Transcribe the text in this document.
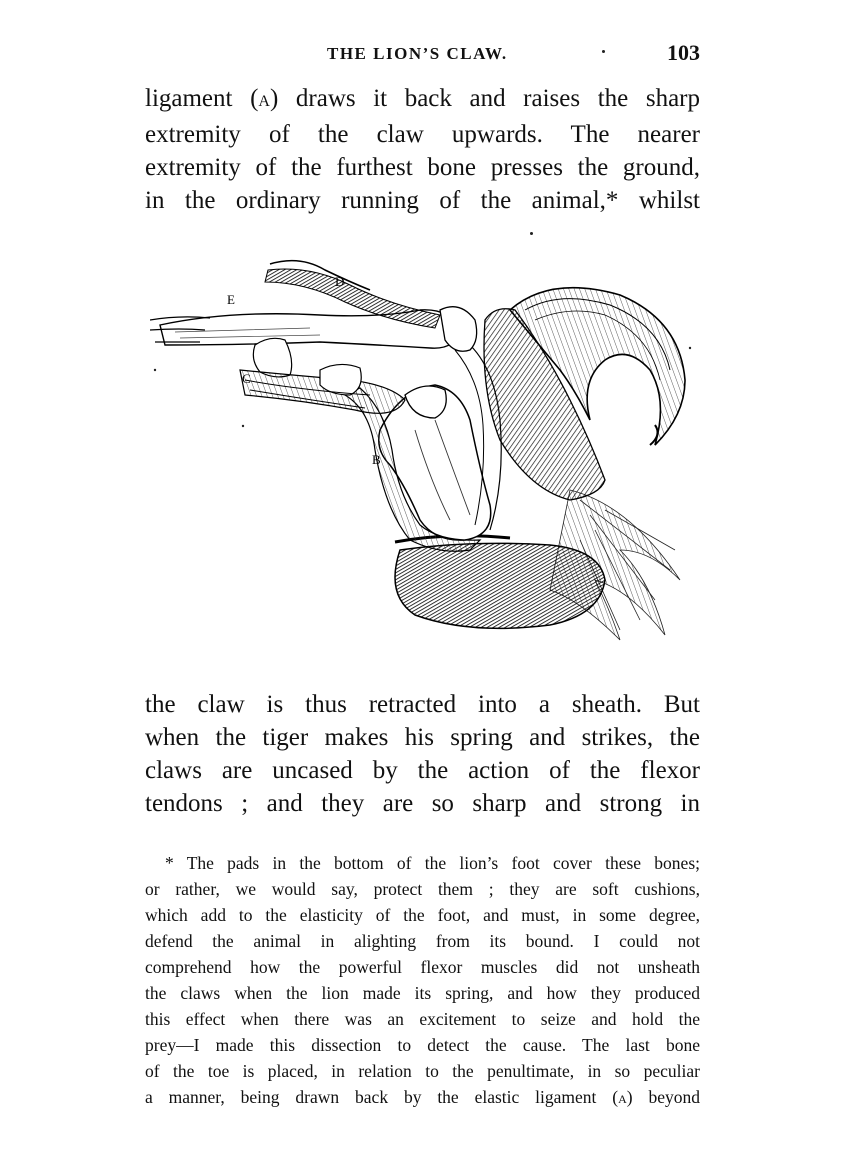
THE LION’S CLAW.	103

ligament (A) draws it back and raises the sharp
extremity of the claw upwards. The nearer
extremity of the furthest bone presses the ground,
in the ordinary running of the animal,* whilst

D
E
C
B

the claw is thus retracted into a sheath. But
when the tiger makes his spring and strikes, the
claws are uncased by the action of the flexor
tendons ; and they are so sharp and strong in

* The pads in the bottom of the lion’s foot cover these bones;
or rather, we would say, protect them ; they are soft cushions,
which add to the elasticity of the foot, and must, in some degree,
defend the animal in alighting from its bound. I could not
comprehend how the powerful flexor muscles did not unsheath
the claws when the lion made its spring, and how they produced
this effect when there was an excitement to seize and hold the
prey—I made this dissection to detect the cause. The last bone
of the toe is placed, in relation to the penultimate, in so peculiar
a manner, being drawn back by the elastic ligament (A) beyond
